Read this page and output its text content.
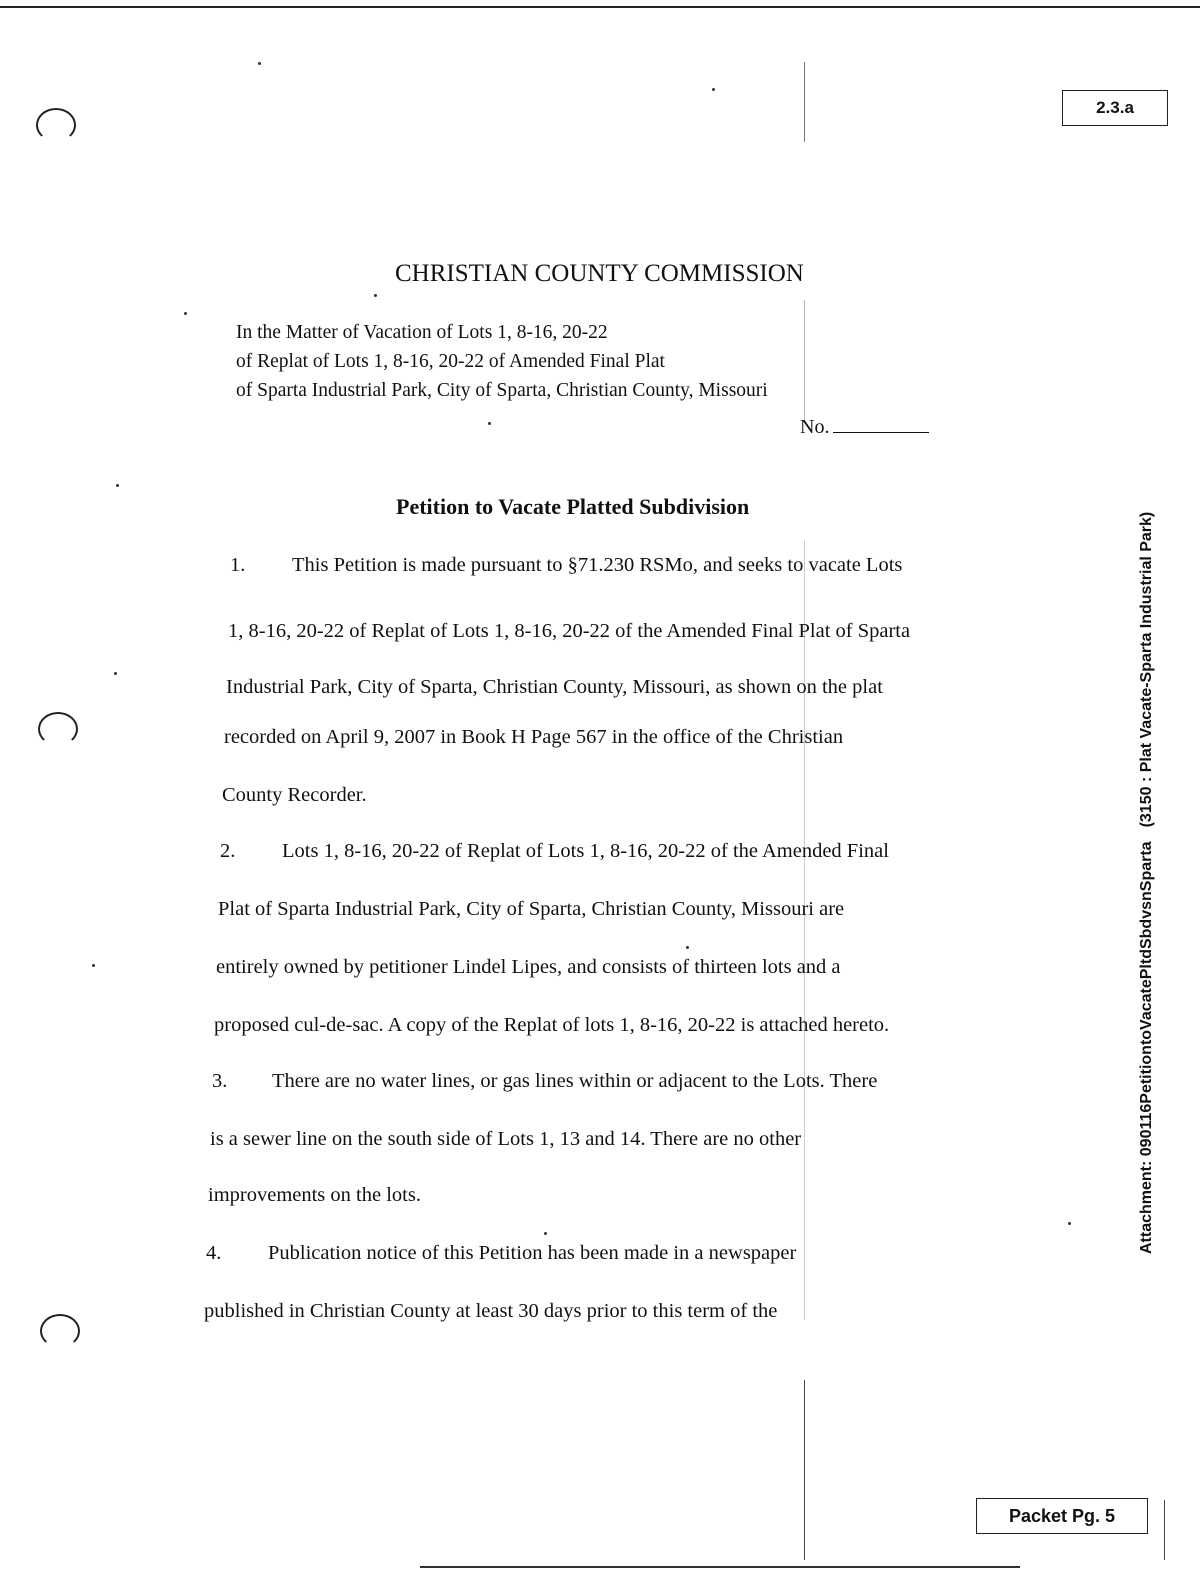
2.3.a
Packet Pg. 5
Attachment: 090116PetitiontoVacatePltdSbdvsnSparta(3150 : Plat Vacate-Sparta Industrial Park)
CHRISTIAN COUNTY COMMISSION
In the Matter of Vacation of Lots 1, 8-16, 20-22
of Replat of Lots 1, 8-16, 20-22 of Amended Final Plat
of Sparta Industrial Park, City of Sparta, Christian County, Missouri
No.
Petition to Vacate Platted Subdivision
1. This Petition is made pursuant to §71.230 RSMo, and seeks to vacate Lots
1, 8-16, 20-22 of Replat of Lots 1, 8-16, 20-22 of the Amended Final Plat of Sparta
Industrial Park, City of Sparta, Christian County, Missouri, as shown on the plat
recorded on April 9, 2007 in Book H Page 567 in the office of the Christian
County Recorder.
2. Lots 1, 8-16, 20-22 of Replat of Lots 1, 8-16, 20-22 of the Amended Final
Plat of Sparta Industrial Park, City of Sparta, Christian County, Missouri are
entirely owned by petitioner Lindel Lipes, and consists of thirteen lots and a
proposed cul-de-sac. A copy of the Replat of lots 1, 8-16, 20-22 is attached hereto.
3. There are no water lines, or gas lines within or adjacent to the Lots. There
is a sewer line on the south side of Lots 1, 13 and 14. There are no other
improvements on the lots.
4. Publication notice of this Petition has been made in a newspaper
published in Christian County at least 30 days prior to this term of the
